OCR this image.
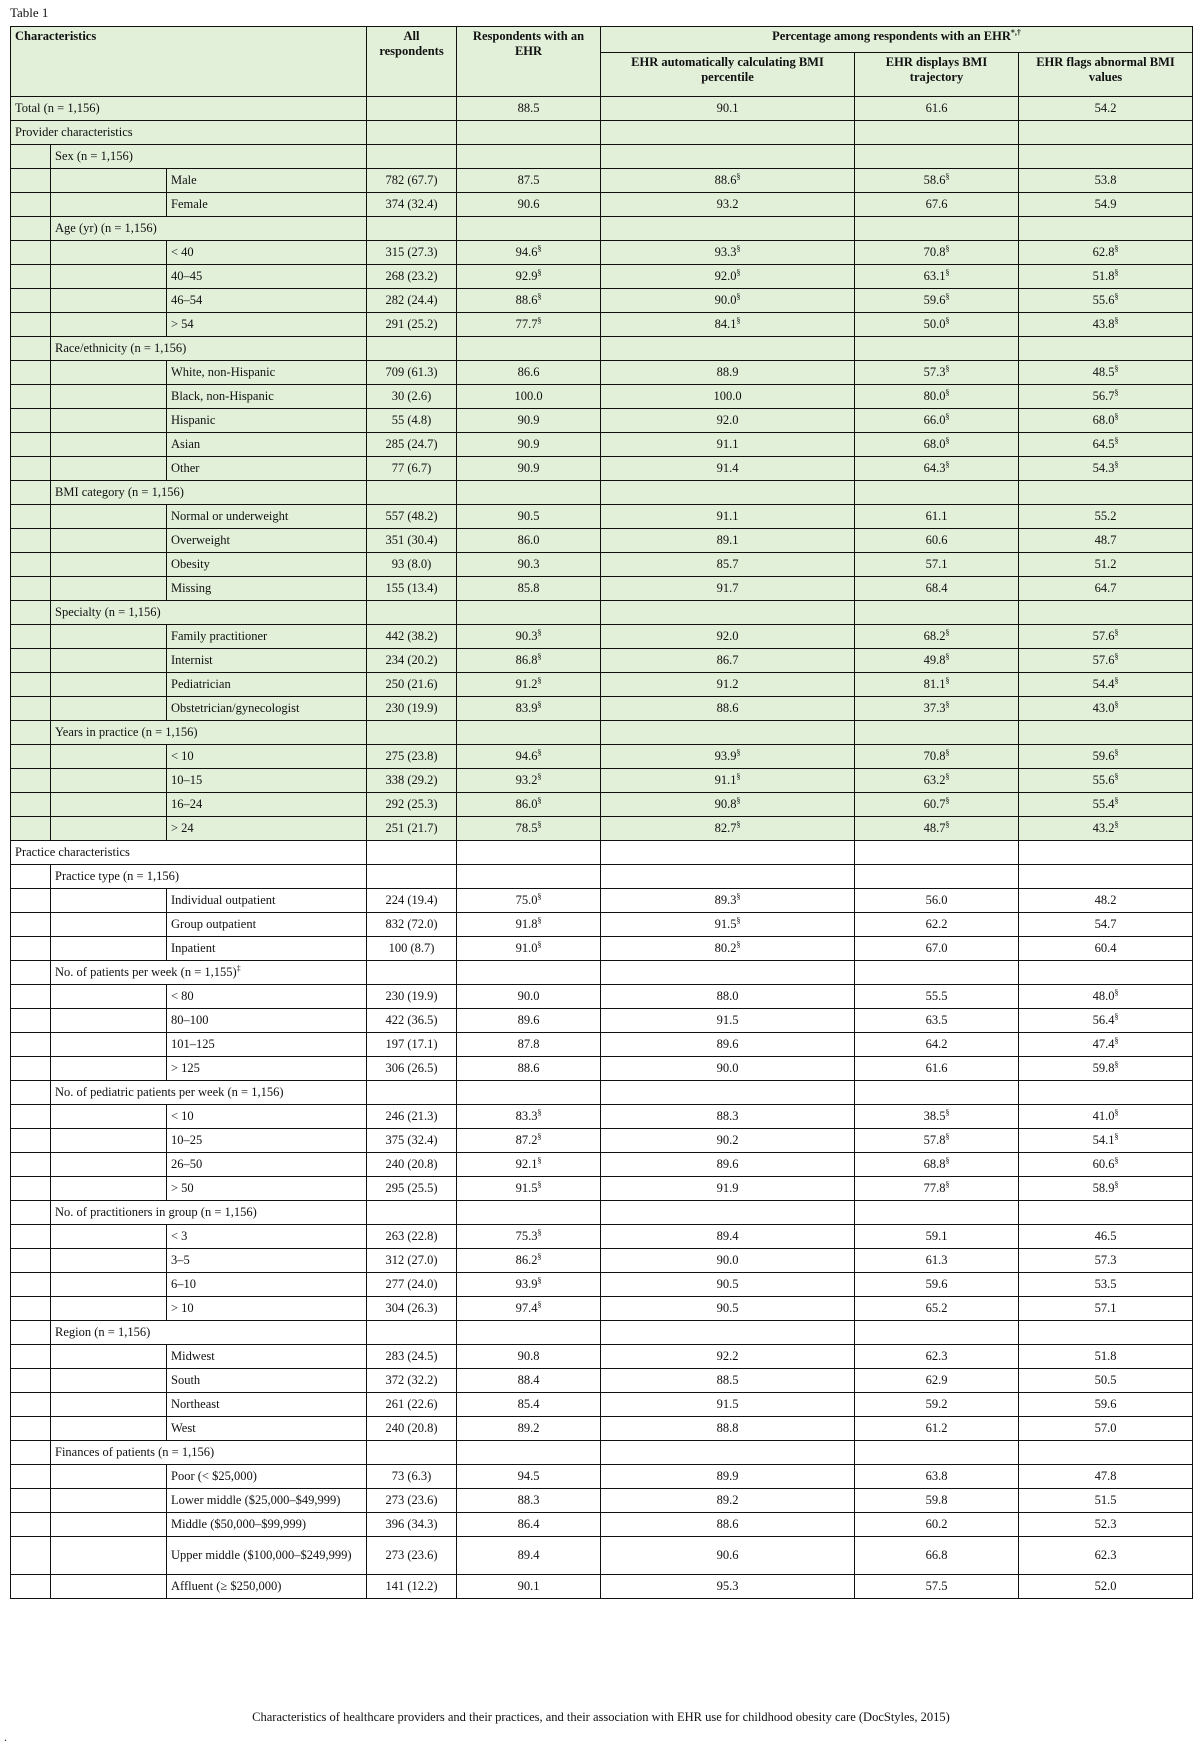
Table 1
Characteristics			All respondents	Respondents with an EHR	Percentage among respondents with an EHR*,†
					EHR automatically calculating BMI percentile	EHR displays BMI trajectory	EHR flags abnormal BMI values
Total (n = 1,156)				88.5	90.1	61.6	54.2
Provider characteristics							
	Sex (n = 1,156)						
		Male	782 (67.7)	87.5	88.6§	58.6§	53.8
		Female	374 (32.4)	90.6	93.2	67.6	54.9
	Age (yr) (n = 1,156)						
		< 40	315 (27.3)	94.6§	93.3§	70.8§	62.8§
		40–45	268 (23.2)	92.9§	92.0§	63.1§	51.8§
		46–54	282 (24.4)	88.6§	90.0§	59.6§	55.6§
		> 54	291 (25.2)	77.7§	84.1§	50.0§	43.8§
	Race/ethnicity (n = 1,156)						
		White, non-Hispanic	709 (61.3)	86.6	88.9	57.3§	48.5§
		Black, non-Hispanic	30 (2.6)	100.0	100.0	80.0§	56.7§
		Hispanic	55 (4.8)	90.9	92.0	66.0§	68.0§
		Asian	285 (24.7)	90.9	91.1	68.0§	64.5§
		Other	77 (6.7)	90.9	91.4	64.3§	54.3§
	BMI category (n = 1,156)						
		Normal or underweight	557 (48.2)	90.5	91.1	61.1	55.2
		Overweight	351 (30.4)	86.0	89.1	60.6	48.7
		Obesity	93 (8.0)	90.3	85.7	57.1	51.2
		Missing	155 (13.4)	85.8	91.7	68.4	64.7
	Specialty (n = 1,156)						
		Family practitioner	442 (38.2)	90.3§	92.0	68.2§	57.6§
		Internist	234 (20.2)	86.8§	86.7	49.8§	57.6§
		Pediatrician	250 (21.6)	91.2§	91.2	81.1§	54.4§
		Obstetrician/gynecologist	230 (19.9)	83.9§	88.6	37.3§	43.0§
	Years in practice (n = 1,156)						
		< 10	275 (23.8)	94.6§	93.9§	70.8§	59.6§
		10–15	338 (29.2)	93.2§	91.1§	63.2§	55.6§
		16–24	292 (25.3)	86.0§	90.8§	60.7§	55.4§
		> 24	251 (21.7)	78.5§	82.7§	48.7§	43.2§
Practice characteristics							
	Practice type (n = 1,156)						
		Individual outpatient	224 (19.4)	75.0§	89.3§	56.0	48.2
		Group outpatient	832 (72.0)	91.8§	91.5§	62.2	54.7
		Inpatient	100 (8.7)	91.0§	80.2§	67.0	60.4
	No. of patients per week (n = 1,155)‡					
		< 80	230 (19.9)	90.0	88.0	55.5	48.0§
		80–100	422 (36.5)	89.6	91.5	63.5	56.4§
		101–125	197 (17.1)	87.8	89.6	64.2	47.4§
		> 125	306 (26.5)	88.6	90.0	61.6	59.8§
	No. of pediatric patients per week (n = 1,156)						
		< 10	246 (21.3)	83.3§	88.3	38.5§	41.0§
		10–25	375 (32.4)	87.2§	90.2	57.8§	54.1§
		26–50	240 (20.8)	92.1§	89.6	68.8§	60.6§
		> 50	295 (25.5)	91.5§	91.9	77.8§	58.9§
	No. of practitioners in group (n = 1,156)						
		< 3	263 (22.8)	75.3§	89.4	59.1	46.5
		3–5	312 (27.0)	86.2§	90.0	61.3	57.3
		6–10	277 (24.0)	93.9§	90.5	59.6	53.5
		> 10	304 (26.3)	97.4§	90.5	65.2	57.1
	Region (n = 1,156)						
		Midwest	283 (24.5)	90.8	92.2	62.3	51.8
		South	372 (32.2)	88.4	88.5	62.9	50.5
		Northeast	261 (22.6)	85.4	91.5	59.2	59.6
		West	240 (20.8)	89.2	88.8	61.2	57.0
	Finances of patients (n = 1,156)						
		Poor (< $25,000)	73 (6.3)	94.5	89.9	63.8	47.8
		Lower middle ($25,000–$49,999)	273 (23.6)	88.3	89.2	59.8	51.5
		Middle ($50,000–$99,999)	396 (34.3)	86.4	88.6	60.2	52.3
		Upper middle ($100,000–$249,999)	273 (23.6)	89.4	90.6	66.8	62.3
		Affluent (≥ $250,000)	141 (12.2)	90.1	95.3	57.5	52.0
Characteristics of healthcare providers and their practices, and their association with EHR use for childhood obesity care (DocStyles, 2015)
.
